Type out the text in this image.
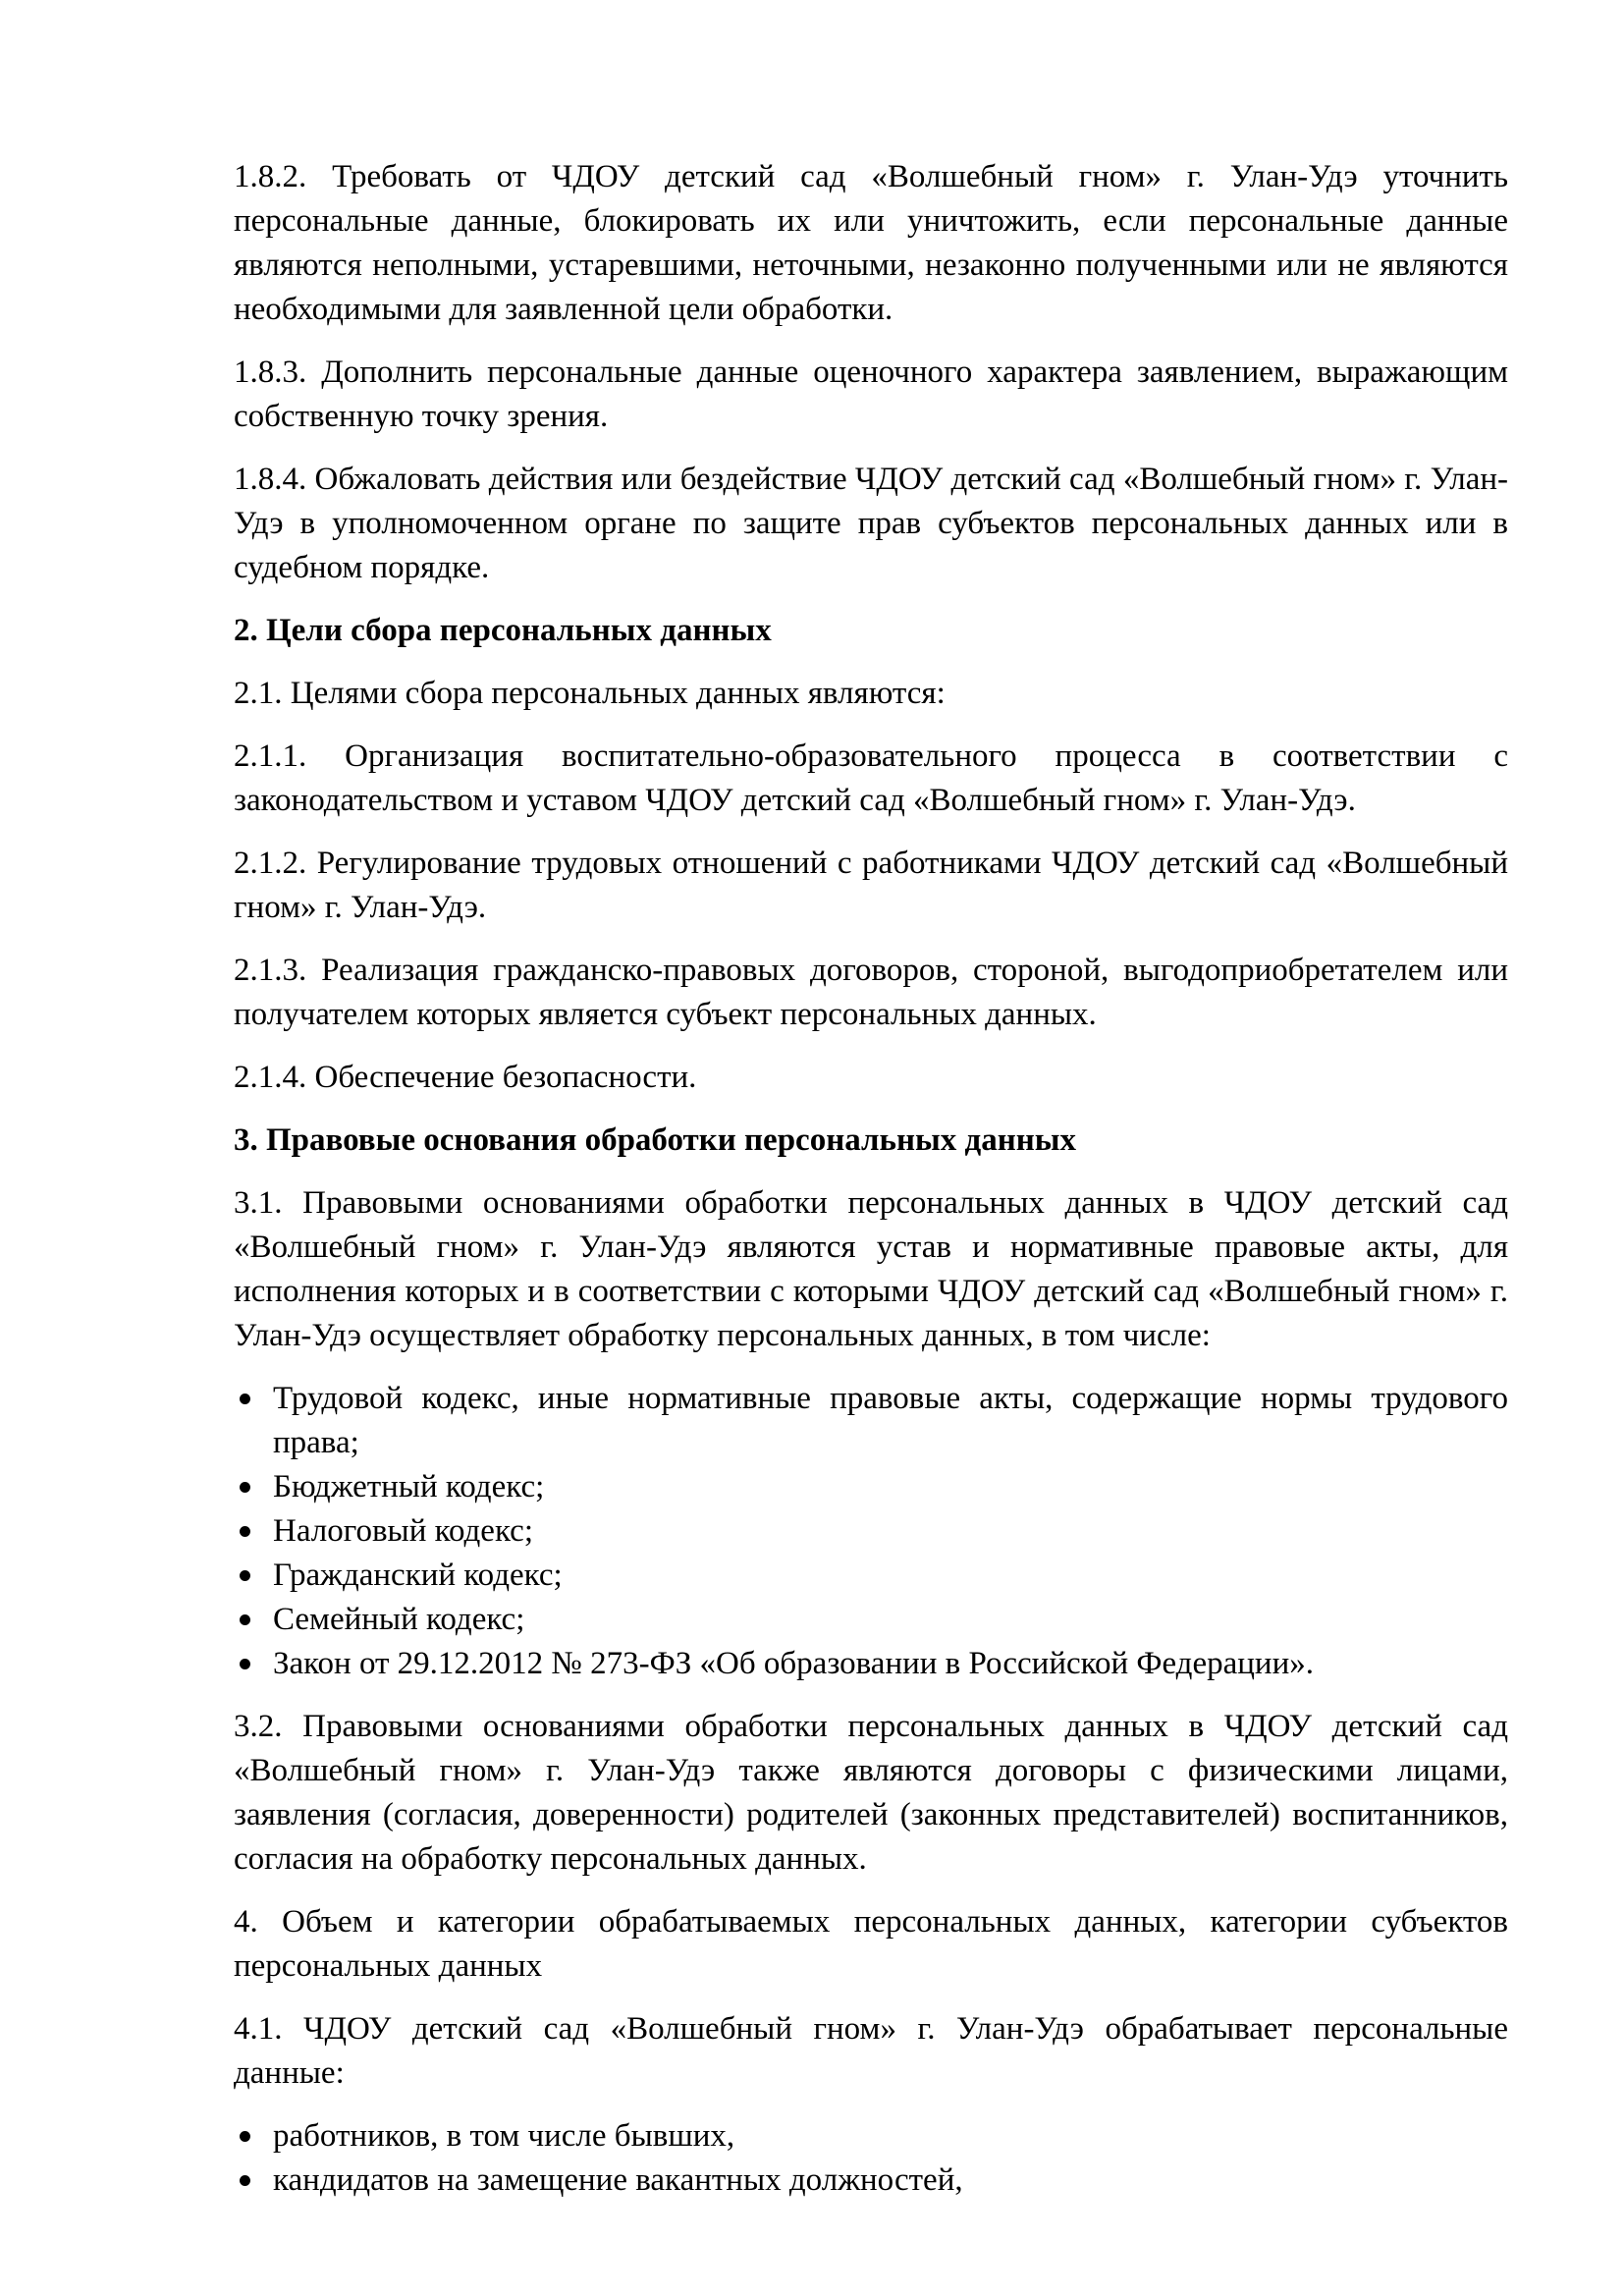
1.8.2. Требовать от ЧДОУ детский сад «Волшебный гном» г. Улан-Удэ уточнить персональные данные, блокировать их или уничтожить, если персональные данные являются неполными, устаревшими, неточными, незаконно полученными или не являются необходимыми для заявленной цели обработки.

1.8.3. Дополнить персональные данные оценочного характера заявлением, выражающим собственную точку зрения.

1.8.4. Обжаловать действия или бездействие ЧДОУ детский сад «Волшебный гном» г. Улан-Удэ в уполномоченном органе по защите прав субъектов персональных данных или в судебном порядке.

2. Цели сбора персональных данных

2.1. Целями сбора персональных данных являются:

2.1.1. Организация воспитательно-образовательного процесса в соответствии с законодательством и уставом ЧДОУ детский сад «Волшебный гном» г. Улан-Удэ.

2.1.2. Регулирование трудовых отношений с работниками ЧДОУ детский сад «Волшебный гном» г. Улан-Удэ.

2.1.3. Реализация гражданско-правовых договоров, стороной, выгодоприобретателем или получателем которых является субъект персональных данных.

2.1.4. Обеспечение безопасности.

3. Правовые основания обработки персональных данных

3.1. Правовыми основаниями обработки персональных данных в ЧДОУ детский сад «Волшебный гном» г. Улан-Удэ являются устав и нормативные правовые акты, для исполнения которых и в соответствии с которыми ЧДОУ детский сад «Волшебный гном» г. Улан-Удэ осуществляет обработку персональных данных, в том числе:

Трудовой кодекс, иные нормативные правовые акты, содержащие нормы трудового права;
Бюджетный кодекс;
Налоговый кодекс;
Гражданский кодекс;
Семейный кодекс;
Закон от 29.12.2012 № 273-ФЗ «Об образовании в Российской Федерации».

3.2. Правовыми основаниями обработки персональных данных в ЧДОУ детский сад «Волшебный гном» г. Улан-Удэ также являются договоры с физическими лицами, заявления (согласия, доверенности) родителей (законных представителей) воспитанников, согласия на обработку персональных данных.

4. Объем и категории обрабатываемых персональных данных, категории субъектов персональных данных

4.1. ЧДОУ детский сад «Волшебный гном» г. Улан-Удэ обрабатывает персональные данные:

работников, в том числе бывших,
кандидатов на замещение вакантных должностей,
